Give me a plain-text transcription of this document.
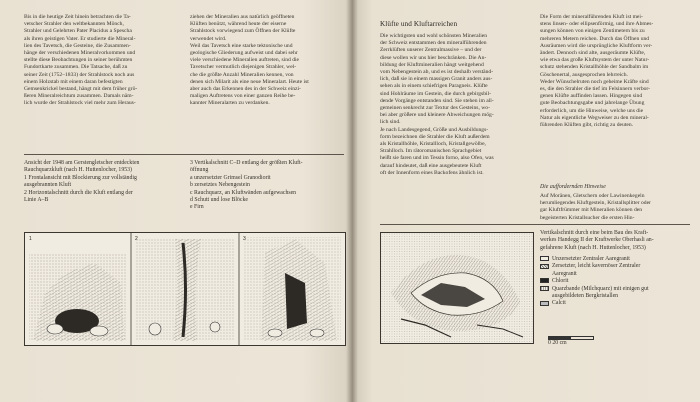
Bis in die heutige Zeit hinein betrachten die Ta-
vetscher Strahler den weltbekannten Mönch,
Strahler und Gelehrten Pater Placidus a Spescha
als ihren geistigen Vater. Er studierte die Mineral-
lien des Tavetsch, die Gesteine, die Zusammen-
hänge der verschiedenen Mineralvorkommen und
stellte diese Beobachtungen in seiner berühmten
Fundortkarte zusammen. Die Tatsache, daß zu
seiner Zeit (1752–1833) der Strahlstock noch aus
einem Holzstab mit einem daran befestigten
Gemsenkrickel bestand, hängt mit dem früher grö-
ßeren Mineralreichtum zusammen. Damals näm-
lich wurde der Strahlstock viel mehr zum Heraus-
ziehen der Mineralien aus natürlich geöffneten
Klüften benützt, während heute der eiserne
Strahlstock vorwiegend zum Öffnen der Klüfte
verwendet wird.
Weil das Tavetsch eine starke tektonische und
geologische Gliederung aufweist und dabei sehr
viele verschiedene Mineralien auftreten, sind die
Tavetscher vermutlich diejenigen Strahler, wel-
che die größte Anzahl Mineralien kennen, von
denen sich Milarit als eine neue Mineralart. Heute ist
aber auch das Erkennen des in der Schweiz einzi-
maligen Auftretens von einer ganzen Reihe be-
kannter Mineralarten zu verdanken.
Ansicht der 1948 am Gerstengletscher entdeckten
Rauchquarzkluft (nach H. Huttenlocher, 1953)
1 Frontalansicht mit Blockierung zur vollständig
ausgebrannten Kluft
2 Horizontalschnitt durch die Kluft entlang der
Linie A–B
3 Vertikalschnitt C–D entlang der größten Kluft-
öffnung
a unzersetzter Grimsel Granodiorit
b zersetztes Nebengestein
c Rauchquarz, an Kluftwänden aufgewachsen
d Schutt und lose Blöcke
e Firn
1	2	3
Klüfte und Kluftarreichen
Die wichtigsten und wohl schönsten Mineralien
der Schweiz entstammen den mineralführenden
Zerrklüften unserer Zentralmassive – und der
diese wollen wir uns hier beschränken. Die An-
bildung der Kluftmineralien hängt weitgehend
vom Nebengestein ab, und es ist deshalb verständ-
lich, daß sie in einem massigen Granit anders aus-
sehen als in einem schiefrigen Paragneis. Klüfte
sind Hohlräume im Gestein, die durch gebirgsbil-
dende Vorgänge entstanden sind. Sie stehen im all-
gemeinen senkrecht zur Textur des Gesteins, wo-
bei aber größere und kleinere Abweichungen mög-
lich sind.
Je nach Landesgegend, Größe und Ausbildungs-
form bezeichnen die Strahler die Kluft außerdem
als Kristallhöhle, Kristallloch, Kristallgewölbe,
Strahlloch. Im rätoromanischen Sprachgebiet
heißt sie faren und im Tessin forno, also Ofen, was
darauf hindeutet, daß eine ausgebeutete Kluft
oft der Innenform eines Backofens ähnlich ist.
Die Form der mineralführenden Kluft ist mei-
stens linsen- oder ellipsenförmig, und ihre Abmes-
sungen können von einigen Zentimetern bis zu
mehreren Metern reichen. Durch das Öffnen und
Ausräumen wird die ursprüngliche Kluftform ver-
ändert. Dennoch sind alte, ausgeräumte Klüfte,
wie etwa das große Kluftsystem der unter Natur-
schutz stehenden Kristallhöhle der Sandbalm im
Göschenertal, ausgesprochen lehrreich.
Weder Wünschelruten noch geheime Kräfte sind
es, die den Strahler die tief im Felsinnern verbor-
genen Klüfte auffinden lassen. Hingegen sind
gute Beobachtungsgabe und jahrelange Übung
erforderlich, um die Hinweise, welche uns die
Natur als eigentliche Wegweiser zu den mineral-
führenden Klüften gibt, richtig zu deuten.
Die auffordernden Hinweise
Auf Moränen, Gletschern oder Lawinenkegeln
herumliegendes Kluftgestein, Kristallsplitter oder
gar Kluftfrümmer mit Mineralien können den
begeisterten Kristallsucher die ersten Hin-
Vertikalschnitt durch eine beim Bau des Kraft-
werkes Handegg II der Kraftwerke Oberhasli an-
gefahrene Kluft (nach H. Huttenlocher, 1953)
Unzersetzter Zentraler Aaregranit
Zersetzter, leicht kavernöser Zentraler
Aaregranit
Chlorit
Quarzbande (Milchquarz) mit einigen gut
ausgebildeten Bergkristallen
Calcit
0 20 cm
